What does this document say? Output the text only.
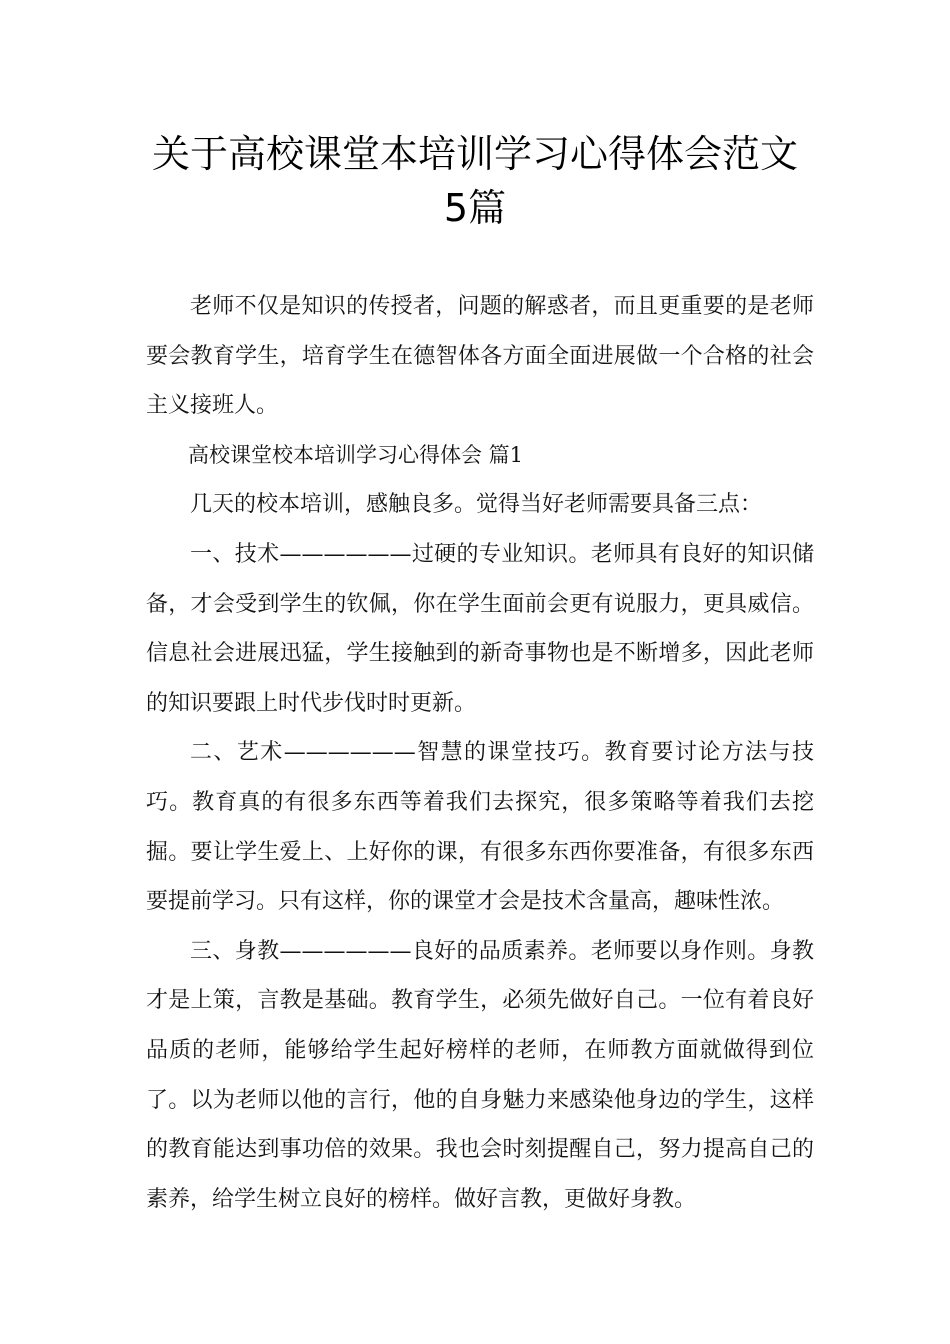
关于高校课堂本培训学习心得体会范文
5篇

老师不仅是知识的传授者，问题的解惑者，而且更重要的是老师要会教育学生，培育学生在德智体各方面全面进展做一个合格的社会主义接班人。

高校课堂校本培训学习心得体会 篇1

几天的校本培训，感触良多。觉得当好老师需要具备三点：

一、技术——————过硬的专业知识。老师具有良好的知识储备，才会受到学生的钦佩，你在学生面前会更有说服力，更具威信。信息社会进展迅猛，学生接触到的新奇事物也是不断增多，因此老师的知识要跟上时代步伐时时更新。

二、艺术——————智慧的课堂技巧。教育要讨论方法与技巧。教育真的有很多东西等着我们去探究，很多策略等着我们去挖掘。要让学生爱上、上好你的课，有很多东西你要准备，有很多东西要提前学习。只有这样，你的课堂才会是技术含量高，趣味性浓。

三、身教——————良好的品质素养。老师要以身作则。身教才是上策，言教是基础。教育学生，必须先做好自己。一位有着良好品质的老师，能够给学生起好榜样的老师，在师教方面就做得到位了。以为老师以他的言行，他的自身魅力来感染他身边的学生，这样的教育能达到事功倍的效果。我也会时刻提醒自己，努力提高自己的素养，给学生树立良好的榜样。做好言教，更做好身教。
